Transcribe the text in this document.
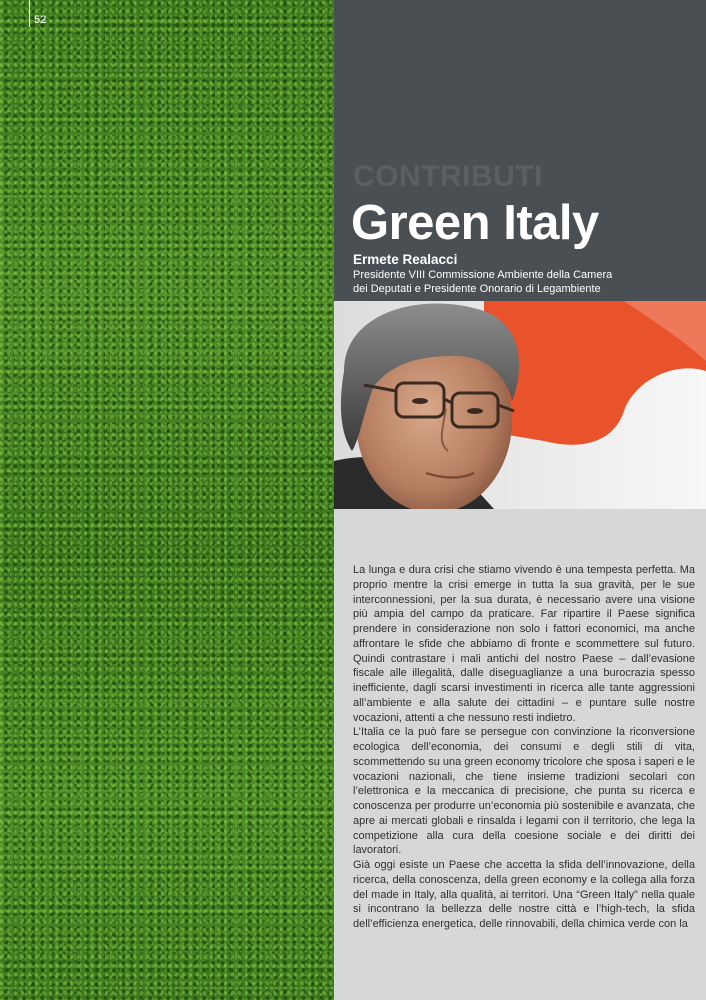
52
CONTRIBUTI
Green Italy
Ermete Realacci
Presidente VIII Commissione Ambiente della Camera
dei Deputati e Presidente Onorario di Legambiente

La lunga e dura crisi che stiamo vivendo è una tempesta perfetta. Ma proprio mentre la crisi emerge in tutta la sua gravità, per le sue interconnessioni, per la sua durata, è necessario avere una visione più ampia del campo da praticare. Far ripartire il Paese significa prendere in considerazione non solo i fattori economici, ma anche affrontare le sfide che abbiamo di fronte e scommettere sul futuro. Quindi contrastare i mali antichi del nostro Paese – dall’evasione fiscale alle illegalità, dalle diseguaglianze a una burocrazia spesso inefficiente, dagli scarsi investimenti in ricerca alle tante aggressioni all’ambiente e alla salute dei cittadini – e puntare sulle nostre vocazioni, attenti a che nessuno resti indietro.

L’Italia ce la può fare se persegue con convinzione la riconversione ecologica dell’economia, dei consumi e degli stili di vita, scommettendo su una green economy tricolore che sposa i saperi e le vocazioni nazionali, che tiene insieme tradizioni secolari con l’elettronica e la meccanica di precisione, che punta su ricerca e conoscenza per produrre un’economia più sostenibile e avanzata, che apre ai mercati globali e rinsalda i legami con il territorio, che lega la competizione alla cura della coesione sociale e dei diritti dei lavoratori.

Già oggi esiste un Paese che accetta la sfida dell’innovazione, della ricerca, della conoscenza, della green economy e la collega alla forza del made in Italy, alla qualità, ai territori. Una “Green Italy” nella quale si incontrano la bellezza delle nostre città e l’high-tech, la sfida dell’efficienza energetica, delle rinnovabili, della chimica verde con la
